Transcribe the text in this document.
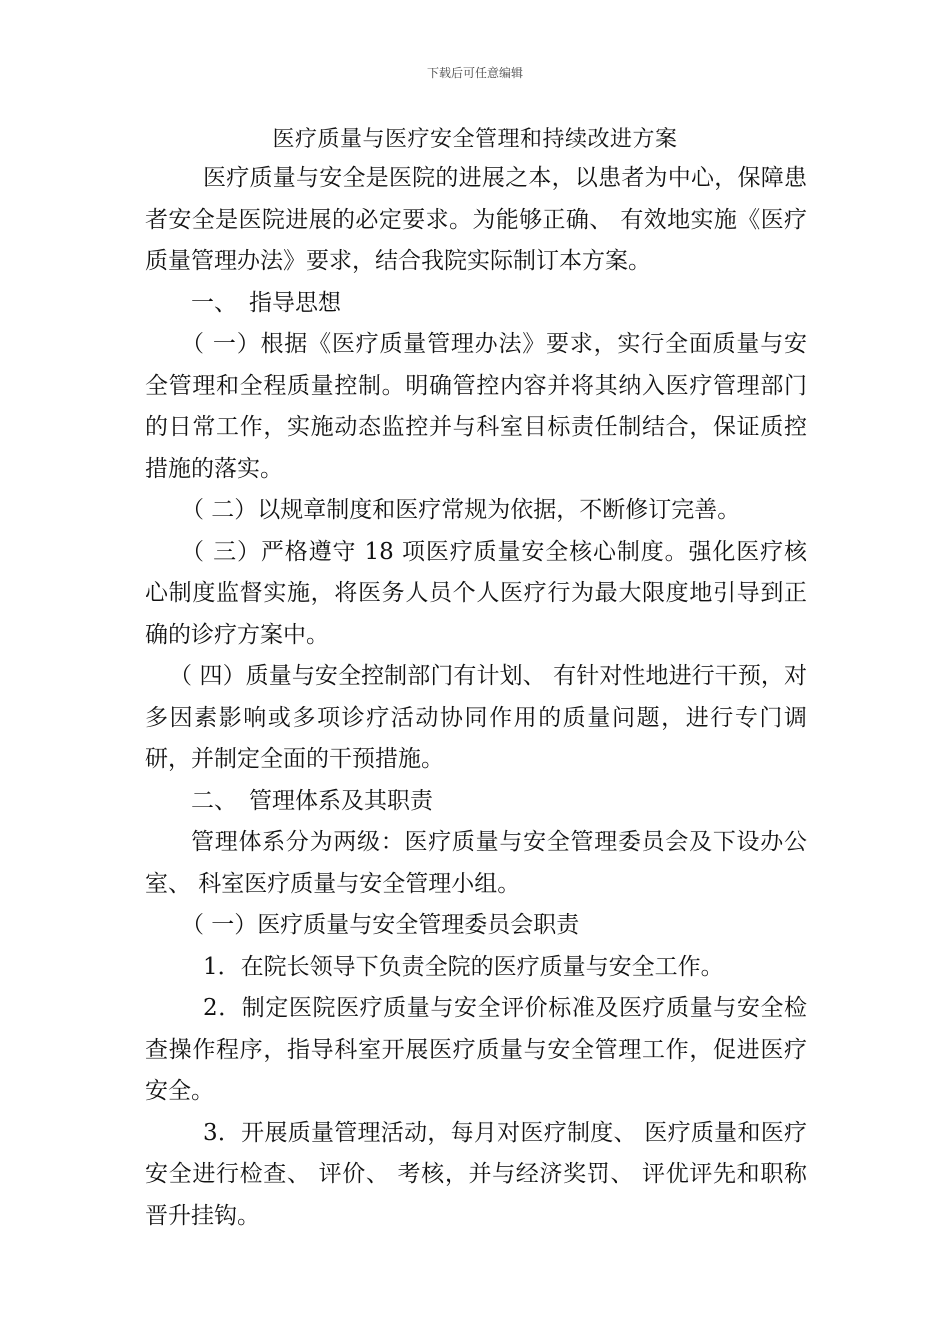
下载后可任意编辑
医疗质量与医疗安全管理和持续改进方案

医疗质量与安全是医院的进展之本，以患者为中心，保障患者安全是医院进展的必定要求。为能够正确、 有效地实施《医疗质量管理办法》要求，结合我院实际制订本方案。

一、 指导思想

（ 一）根据《医疗质量管理办法》要求，实行全面质量与安全管理和全程质量控制。明确管控内容并将其纳入医疗管理部门的日常工作，实施动态监控并与科室目标责任制结合，保证质控措施的落实。

（ 二）以规章制度和医疗常规为依据，不断修订完善。

（ 三）严格遵守 18 项医疗质量安全核心制度。强化医疗核心制度监督实施，将医务人员个人医疗行为最大限度地引导到正确的诊疗方案中。

（ 四）质量与安全控制部门有计划、 有针对性地进行干预，对多因素影响或多项诊疗活动协同作用的质量问题，进行专门调研，并制定全面的干预措施。

二、 管理体系及其职责

管理体系分为两级：医疗质量与安全管理委员会及下设办公室、 科室医疗质量与安全管理小组。

（ 一）医疗质量与安全管理委员会职责

1．在院长领导下负责全院的医疗质量与安全工作。

2．制定医院医疗质量与安全评价标准及医疗质量与安全检查操作程序，指导科室开展医疗质量与安全管理工作，促进医疗安全。

3．开展质量管理活动，每月对医疗制度、 医疗质量和医疗安全进行检查、 评价、 考核，并与经济奖罚、 评优评先和职称晋升挂钩。
